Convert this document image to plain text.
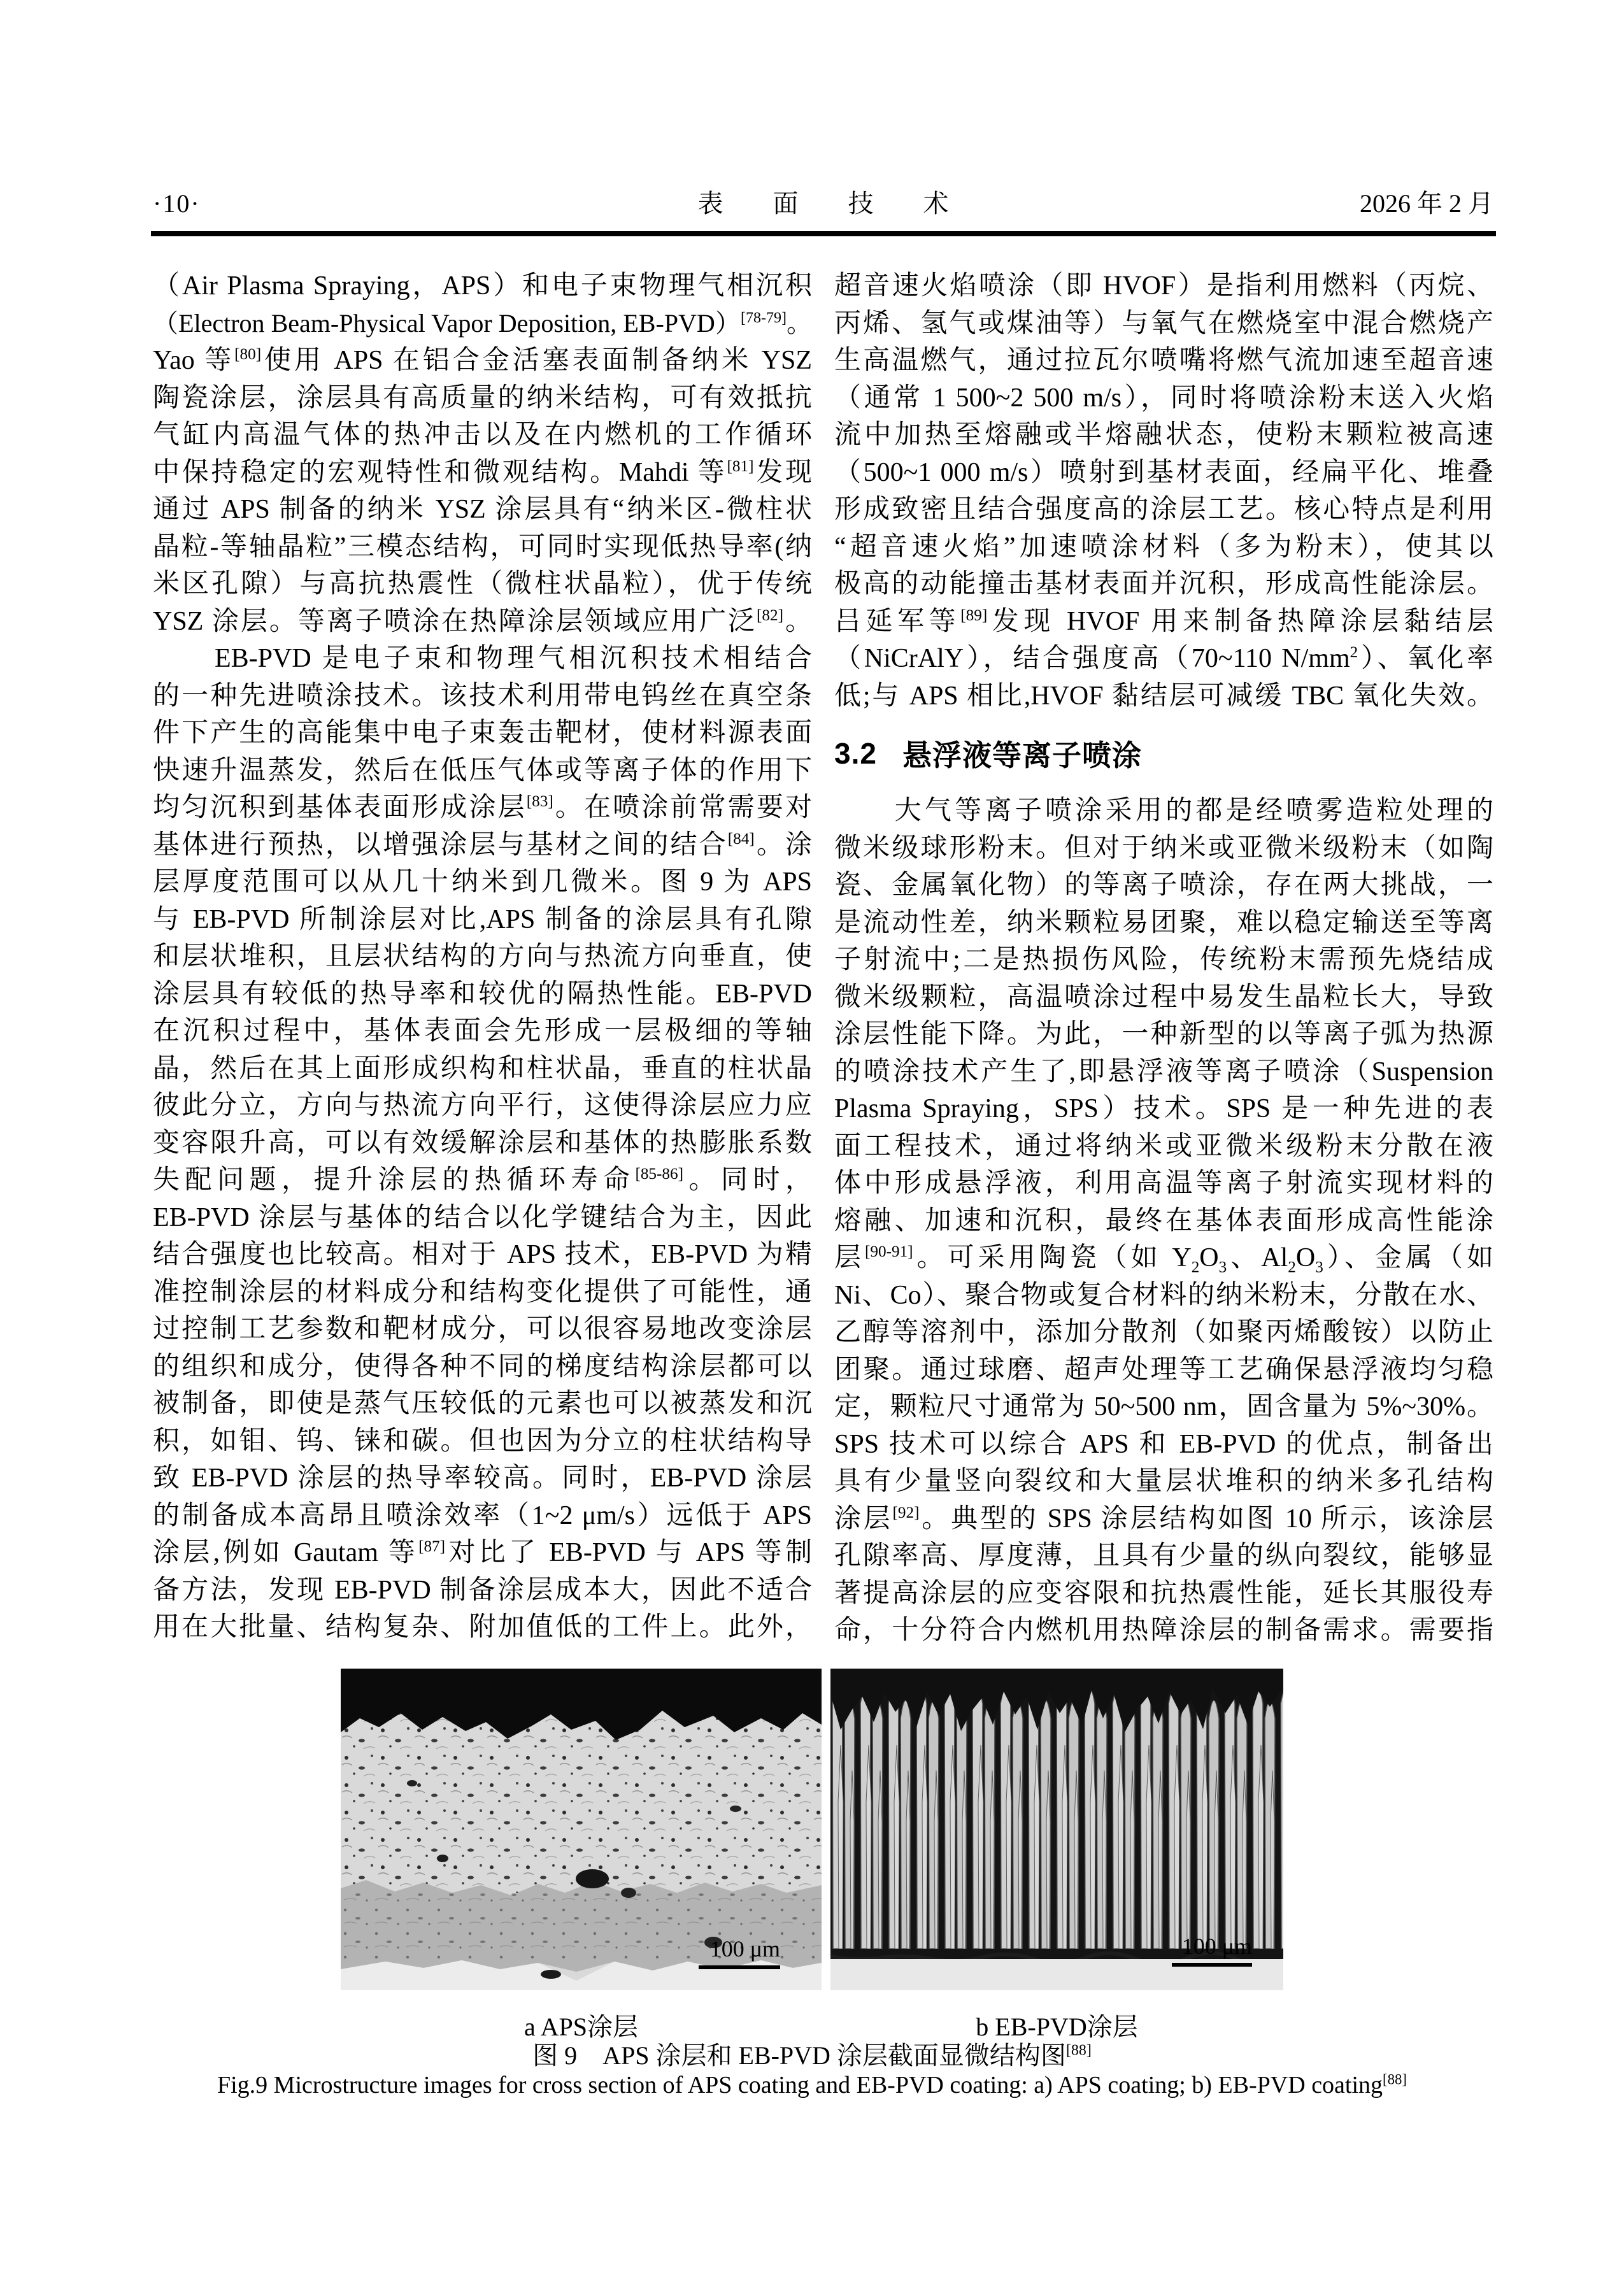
·10·	表 面 技 术	2026 年 2 月
（Air Plasma Spraying，APS）和电子束物理气相沉积
（Electron Beam-Physical Vapor Deposition, EB-PVD）[78-79]。
Yao 等[80]使用 APS 在铝合金活塞表面制备纳米 YSZ
陶瓷涂层，涂层具有高质量的纳米结构，可有效抵抗
气缸内高温气体的热冲击以及在内燃机的工作循环
中保持稳定的宏观特性和微观结构。Mahdi 等[81]发现
通过 APS 制备的纳米 YSZ 涂层具有“纳米区-微柱状
晶粒-等轴晶粒”三模态结构，可同时实现低热导率(纳
米区孔隙）与高抗热震性（微柱状晶粒），优于传统
YSZ 涂层。等离子喷涂在热障涂层领域应用广泛[82]。
　　EB-PVD 是电子束和物理气相沉积技术相结合
的一种先进喷涂技术。该技术利用带电钨丝在真空条
件下产生的高能集中电子束轰击靶材，使材料源表面
快速升温蒸发，然后在低压气体或等离子体的作用下
均匀沉积到基体表面形成涂层[83]。在喷涂前常需要对
基体进行预热，以增强涂层与基材之间的结合[84]。涂
层厚度范围可以从几十纳米到几微米。图 9 为 APS
与 EB-PVD 所制涂层对比,APS 制备的涂层具有孔隙
和层状堆积，且层状结构的方向与热流方向垂直，使
涂层具有较低的热导率和较优的隔热性能。EB-PVD
在沉积过程中，基体表面会先形成一层极细的等轴
晶，然后在其上面形成织构和柱状晶，垂直的柱状晶
彼此分立，方向与热流方向平行，这使得涂层应力应
变容限升高，可以有效缓解涂层和基体的热膨胀系数
失配问题，提升涂层的热循环寿命[85-86]。同时，
EB-PVD 涂层与基体的结合以化学键结合为主，因此
结合强度也比较高。相对于 APS 技术，EB-PVD 为精
准控制涂层的材料成分和结构变化提供了可能性，通
过控制工艺参数和靶材成分，可以很容易地改变涂层
的组织和成分，使得各种不同的梯度结构涂层都可以
被制备，即使是蒸气压较低的元素也可以被蒸发和沉
积，如钼、钨、铼和碳。但也因为分立的柱状结构导
致 EB-PVD 涂层的热导率较高。同时，EB-PVD 涂层
的制备成本高昂且喷涂效率（1~2 μm/s）远低于 APS
涂层,例如 Gautam 等[87]对比了 EB-PVD 与 APS 等制
备方法，发现 EB-PVD 制备涂层成本大，因此不适合
用在大批量、结构复杂、附加值低的工件上。此外，
超音速火焰喷涂（即 HVOF）是指利用燃料（丙烷、
丙烯、氢气或煤油等）与氧气在燃烧室中混合燃烧产
生高温燃气，通过拉瓦尔喷嘴将燃气流加速至超音速
（通常 1 500~2 500 m/s），同时将喷涂粉末送入火焰
流中加热至熔融或半熔融状态，使粉末颗粒被高速
（500~1 000 m/s）喷射到基材表面，经扁平化、堆叠
形成致密且结合强度高的涂层工艺。核心特点是利用
“超音速火焰”加速喷涂材料（多为粉末），使其以
极高的动能撞击基材表面并沉积，形成高性能涂层。
吕延军等[89]发现 HVOF 用来制备热障涂层黏结层
（NiCrAlY），结合强度高（70~110 $N/mm^2$）、氧化率
低;与 APS 相比,HVOF 黏结层可减缓 TBC 氧化失效。
3.2 悬浮液等离子喷涂
　　大气等离子喷涂采用的都是经喷雾造粒处理的
微米级球形粉末。但对于纳米或亚微米级粉末（如陶
瓷、金属氧化物）的等离子喷涂，存在两大挑战，一
是流动性差，纳米颗粒易团聚，难以稳定输送至等离
子射流中;二是热损伤风险，传统粉末需预先烧结成
微米级颗粒，高温喷涂过程中易发生晶粒长大，导致
涂层性能下降。为此，一种新型的以等离子弧为热源
的喷涂技术产生了,即悬浮液等离子喷涂（Suspension
Plasma Spraying，SPS）技术。SPS 是一种先进的表
面工程技术，通过将纳米或亚微米级粉末分散在液
体中形成悬浮液，利用高温等离子射流实现材料的
熔融、加速和沉积，最终在基体表面形成高性能涂
层[90-91]。可采用陶瓷（如 $Y_2O_3$、$Al_2O_3$）、金属（如
Ni、Co）、聚合物或复合材料的纳米粉末，分散在水、
乙醇等溶剂中，添加分散剂（如聚丙烯酸铵）以防止
团聚。通过球磨、超声处理等工艺确保悬浮液均匀稳
定，颗粒尺寸通常为 50~500 nm，固含量为 5%~30%。
SPS 技术可以综合 APS 和 EB-PVD 的优点，制备出
具有少量竖向裂纹和大量层状堆积的纳米多孔结构
涂层[92]。典型的 SPS 涂层结构如图 10 所示，该涂层
孔隙率高、厚度薄，且具有少量的纵向裂纹，能够显
著提高涂层的应变容限和抗热震性能，延长其服役寿
命，十分符合内燃机用热障涂层的制备需求。需要指
100 μm	100 μm
a APS涂层	b EB-PVD涂层
图 9　APS 涂层和 EB-PVD 涂层截面显微结构图[88]
Fig.9 Microstructure images for cross section of APS coating and EB-PVD coating: a) APS coating; b) EB-PVD coating[88]
